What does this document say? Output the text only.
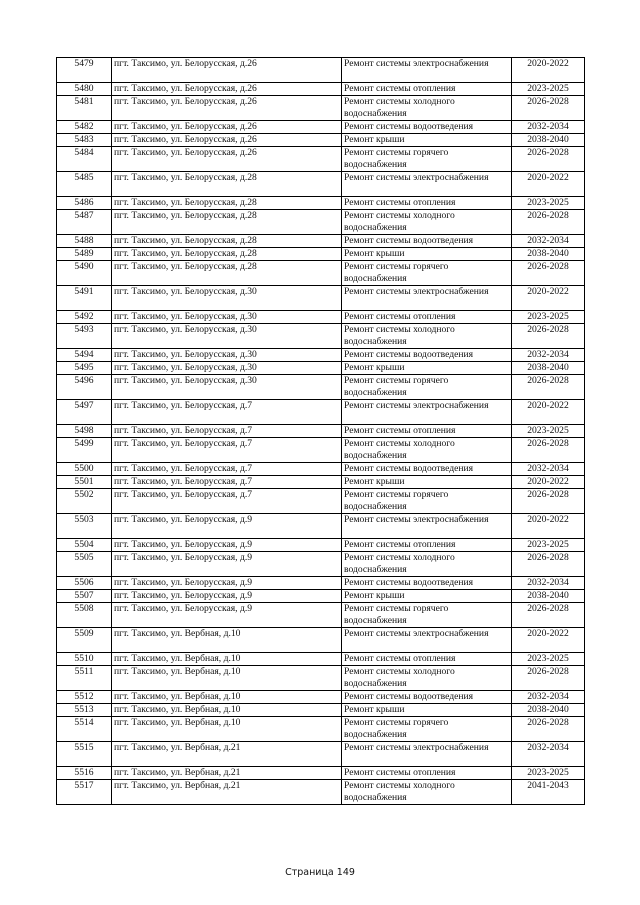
5479	пгт. Таксимо, ул. Белорусская, д.26	Ремонт системы электроснабжения	2020-2022
5480	пгт. Таксимо, ул. Белорусская, д.26	Ремонт системы отопления	2023-2025
5481	пгт. Таксимо, ул. Белорусская, д.26	Ремонт системы холодного водоснабжения	2026-2028
5482	пгт. Таксимо, ул. Белорусская, д.26	Ремонт системы водоотведения	2032-2034
5483	пгт. Таксимо, ул. Белорусская, д.26	Ремонт крыши	2038-2040
5484	пгт. Таксимо, ул. Белорусская, д.26	Ремонт системы горячего водоснабжения	2026-2028
5485	пгт. Таксимо, ул. Белорусская, д.28	Ремонт системы электроснабжения	2020-2022
5486	пгт. Таксимо, ул. Белорусская, д.28	Ремонт системы отопления	2023-2025
5487	пгт. Таксимо, ул. Белорусская, д.28	Ремонт системы холодного водоснабжения	2026-2028
5488	пгт. Таксимо, ул. Белорусская, д.28	Ремонт системы водоотведения	2032-2034
5489	пгт. Таксимо, ул. Белорусская, д.28	Ремонт крыши	2038-2040
5490	пгт. Таксимо, ул. Белорусская, д.28	Ремонт системы горячего водоснабжения	2026-2028
5491	пгт. Таксимо, ул. Белорусская, д.30	Ремонт системы электроснабжения	2020-2022
5492	пгт. Таксимо, ул. Белорусская, д.30	Ремонт системы отопления	2023-2025
5493	пгт. Таксимо, ул. Белорусская, д.30	Ремонт системы холодного водоснабжения	2026-2028
5494	пгт. Таксимо, ул. Белорусская, д.30	Ремонт системы водоотведения	2032-2034
5495	пгт. Таксимо, ул. Белорусская, д.30	Ремонт крыши	2038-2040
5496	пгт. Таксимо, ул. Белорусская, д.30	Ремонт системы горячего водоснабжения	2026-2028
5497	пгт. Таксимо, ул. Белорусская, д.7	Ремонт системы электроснабжения	2020-2022
5498	пгт. Таксимо, ул. Белорусская, д.7	Ремонт системы отопления	2023-2025
5499	пгт. Таксимо, ул. Белорусская, д.7	Ремонт системы холодного водоснабжения	2026-2028
5500	пгт. Таксимо, ул. Белорусская, д.7	Ремонт системы водоотведения	2032-2034
5501	пгт. Таксимо, ул. Белорусская, д.7	Ремонт крыши	2020-2022
5502	пгт. Таксимо, ул. Белорусская, д.7	Ремонт системы горячего водоснабжения	2026-2028
5503	пгт. Таксимо, ул. Белорусская, д.9	Ремонт системы электроснабжения	2020-2022
5504	пгт. Таксимо, ул. Белорусская, д.9	Ремонт системы отопления	2023-2025
5505	пгт. Таксимо, ул. Белорусская, д.9	Ремонт системы холодного водоснабжения	2026-2028
5506	пгт. Таксимо, ул. Белорусская, д.9	Ремонт системы водоотведения	2032-2034
5507	пгт. Таксимо, ул. Белорусская, д.9	Ремонт крыши	2038-2040
5508	пгт. Таксимо, ул. Белорусская, д.9	Ремонт системы горячего водоснабжения	2026-2028
5509	пгт. Таксимо, ул. Вербная, д.10	Ремонт системы электроснабжения	2020-2022
5510	пгт. Таксимо, ул. Вербная, д.10	Ремонт системы отопления	2023-2025
5511	пгт. Таксимо, ул. Вербная, д.10	Ремонт системы холодного водоснабжения	2026-2028
5512	пгт. Таксимо, ул. Вербная, д.10	Ремонт системы водоотведения	2032-2034
5513	пгт. Таксимо, ул. Вербная, д.10	Ремонт крыши	2038-2040
5514	пгт. Таксимо, ул. Вербная, д.10	Ремонт системы горячего водоснабжения	2026-2028
5515	пгт. Таксимо, ул. Вербная, д.21	Ремонт системы электроснабжения	2032-2034
5516	пгт. Таксимо, ул. Вербная, д.21	Ремонт системы отопления	2023-2025
5517	пгт. Таксимо, ул. Вербная, д.21	Ремонт системы холодного водоснабжения	2041-2043
Страница 149
